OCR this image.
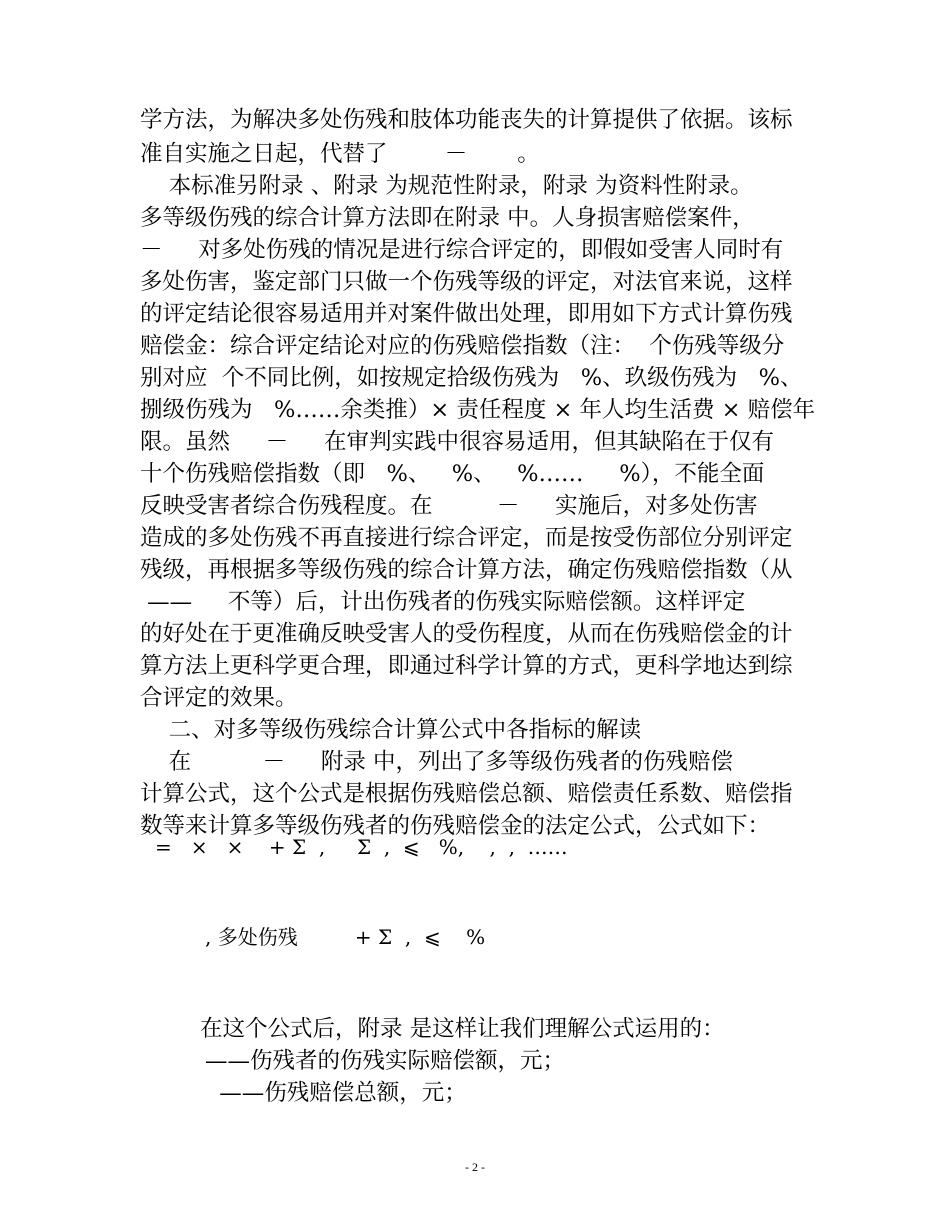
学方法，为解决多处伤残和肢体功能丧失的计算提供了依据。该标
准自实施之日起，代替了        －       。
本标准另附录 、附录 为规范性附录，附录 为资料性附录。
多等级伤残的综合计算方法即在附录 中。人身损害赔偿案件，
－     对多处伤残的情况是进行综合评定的，即假如受害人同时有
多处伤害，鉴定部门只做一个伤残等级的评定，对法官来说，这样
的评定结论很容易适用并对案件做出处理，即用如下方式计算伤残
赔偿金：综合评定结论对应的伤残赔偿指数（注：  个伤残等级分
别对应  个不同比例，如按规定拾级伤残为   %、玖级伤残为   %、
捌级伤残为   %……余类推）× 责任程度 × 年人均生活费 × 赔偿年
限。虽然     －     在审判实践中很容易适用，但其缺陷在于仅有
十个伤残赔偿指数（即   %、   %、   %……     %），不能全面
反映受害者综合伤残程度。在         －     实施后，对多处伤害
造成的多处伤残不再直接进行综合评定，而是按受伤部位分别评定
残级，再根据多等级伤残的综合计算方法，确定伤残赔偿指数（从
——     不等）后，计出伤残者的伤残实际赔偿额。这样评定
的好处在于更准确反映受害人的受伤程度，从而在伤残赔偿金的计
算方法上更科学更合理，即通过科学计算的方式，更科学地达到综
合评定的效果。
二、对多等级伤残综合计算公式中各指标的解读
在          －     附录 中，列出了多等级伤残者的伤残赔偿
计算公式，这个公式是根据伤残赔偿总额、赔偿责任系数、赔偿指
数等来计算多等级伤残者的伤残赔偿金的法定公式，公式如下：
=   ×   ×    + Σ  ,     Σ  ,  ⩽   %,    ,  ,  ……
, 多处伤残         + Σ  ,  ⩽    %
在这个公式后，附录 是这样让我们理解公式运用的：
——伤残者的伤残实际赔偿额，元；
——伤残赔偿总额，元；
- 2 -
